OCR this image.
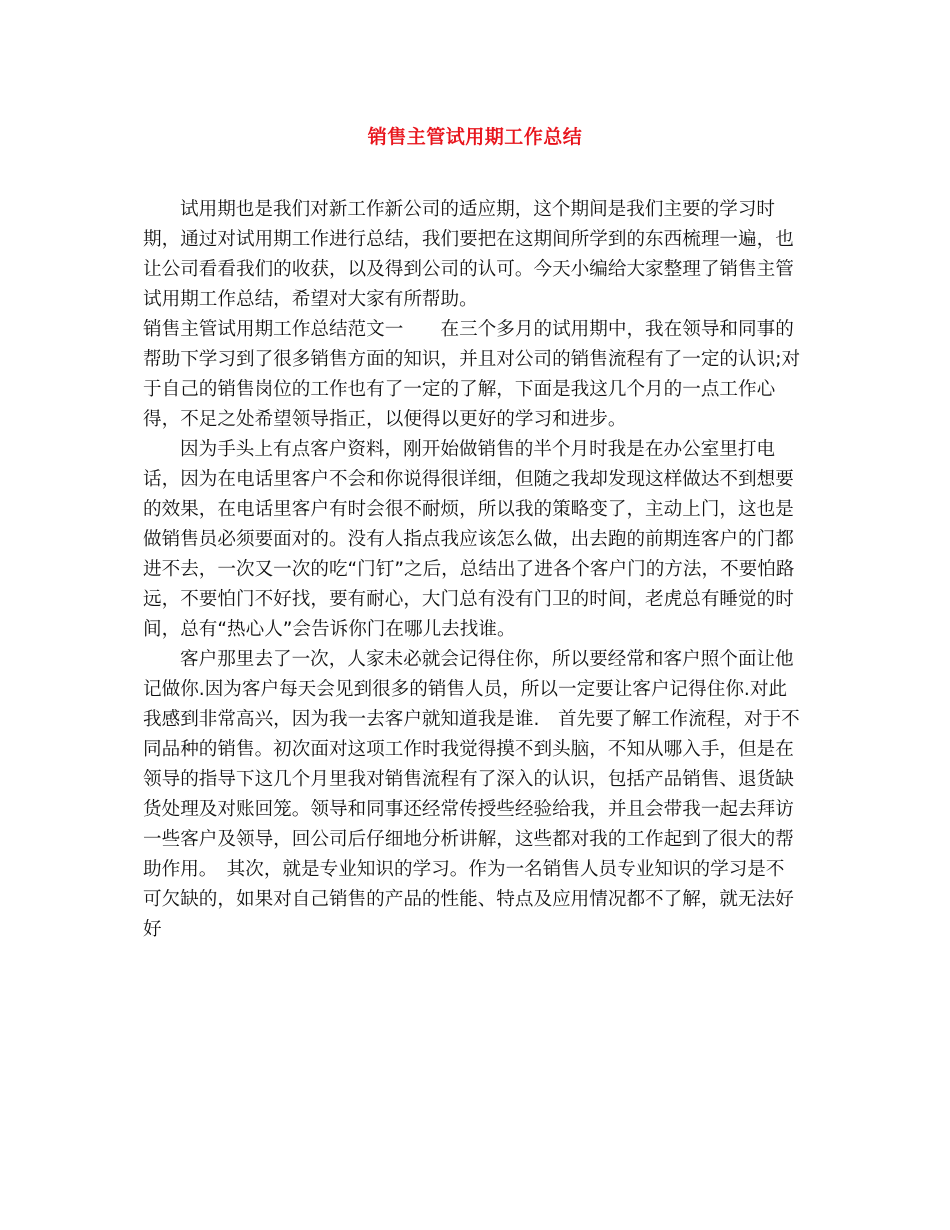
销售主管试用期工作总结

试用期也是我们对新工作新公司的适应期，这个期间是我们主要的学习时期，通过对试用期工作进行总结，我们要把在这期间所学到的东西梳理一遍，也让公司看看我们的收获，以及得到公司的认可。今天小编给大家整理了销售主管试用期工作总结，希望对大家有所帮助。

销售主管试用期工作总结范文一　　在三个多月的试用期中，我在领导和同事的帮助下学习到了很多销售方面的知识，并且对公司的销售流程有了一定的认识;对于自己的销售岗位的工作也有了一定的了解，下面是我这几个月的一点工作心得，不足之处希望领导指正，以便得以更好的学习和进步。

因为手头上有点客户资料，刚开始做销售的半个月时我是在办公室里打电话，因为在电话里客户不会和你说得很详细，但随之我却发现这样做达不到想要的效果，在电话里客户有时会很不耐烦，所以我的策略变了，主动上门，这也是做销售员必须要面对的。没有人指点我应该怎么做，出去跑的前期连客户的门都进不去，一次又一次的吃“门钉”之后，总结出了进各个客户门的方法，不要怕路远，不要怕门不好找，要有耐心，大门总有没有门卫的时间，老虎总有睡觉的时间，总有“热心人”会告诉你门在哪儿去找谁。

客户那里去了一次，人家未必就会记得住你，所以要经常和客户照个面让他记做你.因为客户每天会见到很多的销售人员，所以一定要让客户记得住你.对此我感到非常高兴，因为我一去客户就知道我是谁.　首先要了解工作流程，对于不同品种的销售。初次面对这项工作时我觉得摸不到头脑，不知从哪入手，但是在领导的指导下这几个月里我对销售流程有了深入的认识，包括产品销售、退货缺货处理及对账回笼。领导和同事还经常传授些经验给我，并且会带我一起去拜访一些客户及领导，回公司后仔细地分析讲解，这些都对我的工作起到了很大的帮助作用。　其次，就是专业知识的学习。作为一名销售人员专业知识的学习是不可欠缺的，如果对自己销售的产品的性能、特点及应用情况都不了解，就无法好好
